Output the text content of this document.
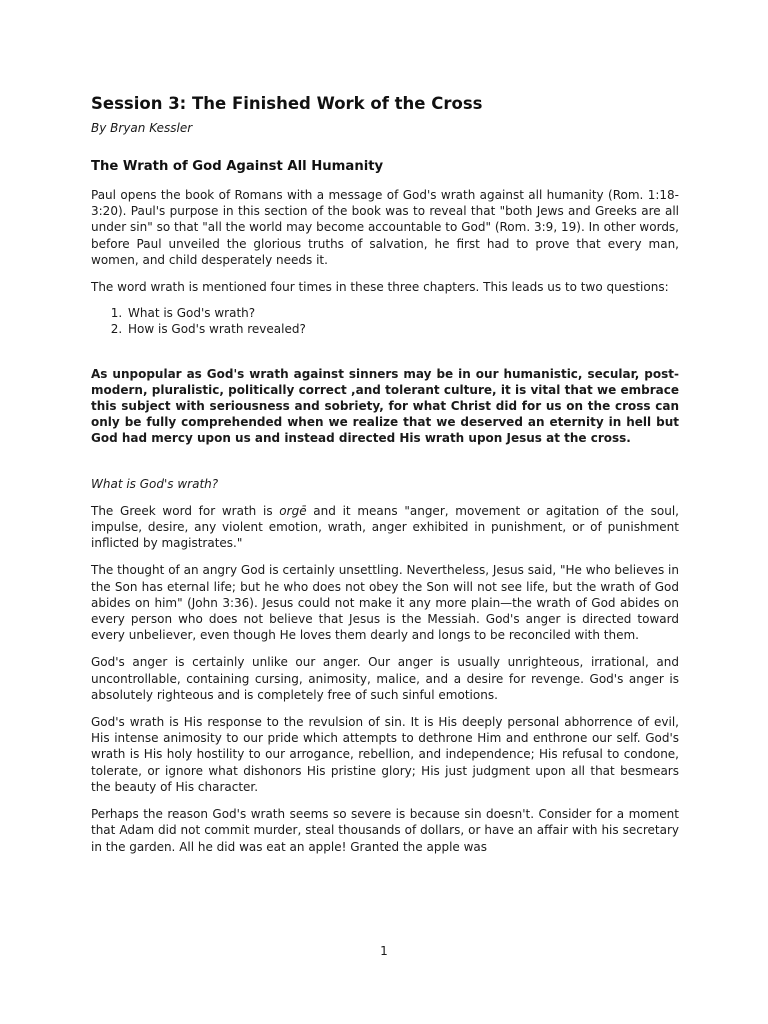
Session 3: The Finished Work of the Cross
By Bryan Kessler
The Wrath of God Against All Humanity

Paul opens the book of Romans with a message of God's wrath against all humanity (Rom. 1:18-3:20). Paul's purpose in this section of the book was to reveal that "both Jews and Greeks are all under sin" so that "all the world may become accountable to God" (Rom. 3:9, 19). In other words, before Paul unveiled the glorious truths of salvation, he first had to prove that every man, women, and child desperately needs it.

The word wrath is mentioned four times in these three chapters. This leads us to two questions:

1. What is God's wrath?
2. How is God's wrath revealed?

As unpopular as God's wrath against sinners may be in our humanistic, secular, post-modern, pluralistic, politically correct ,and tolerant culture, it is vital that we embrace this subject with seriousness and sobriety, for what Christ did for us on the cross can only be fully comprehended when we realize that we deserved an eternity in hell but God had mercy upon us and instead directed His wrath upon Jesus at the cross.

What is God's wrath?

The Greek word for wrath is orgē and it means "anger, movement or agitation of the soul, impulse, desire, any violent emotion, wrath, anger exhibited in punishment, or of punishment inflicted by magistrates."

The thought of an angry God is certainly unsettling. Nevertheless, Jesus said, "He who believes in the Son has eternal life; but he who does not obey the Son will not see life, but the wrath of God abides on him" (John 3:36). Jesus could not make it any more plain—the wrath of God abides on every person who does not believe that Jesus is the Messiah. God's anger is directed toward every unbeliever, even though He loves them dearly and longs to be reconciled with them.

God's anger is certainly unlike our anger. Our anger is usually unrighteous, irrational, and uncontrollable, containing cursing, animosity, malice, and a desire for revenge. God's anger is absolutely righteous and is completely free of such sinful emotions.

God's wrath is His response to the revulsion of sin. It is His deeply personal abhorrence of evil, His intense animosity to our pride which attempts to dethrone Him and enthrone our self. God's wrath is His holy hostility to our arrogance, rebellion, and independence; His refusal to condone, tolerate, or ignore what dishonors His pristine glory; His just judgment upon all that besmears the beauty of His character.

Perhaps the reason God's wrath seems so severe is because sin doesn't. Consider for a moment that Adam did not commit murder, steal thousands of dollars, or have an affair with his secretary in the garden. All he did was eat an apple! Granted the apple was

1
